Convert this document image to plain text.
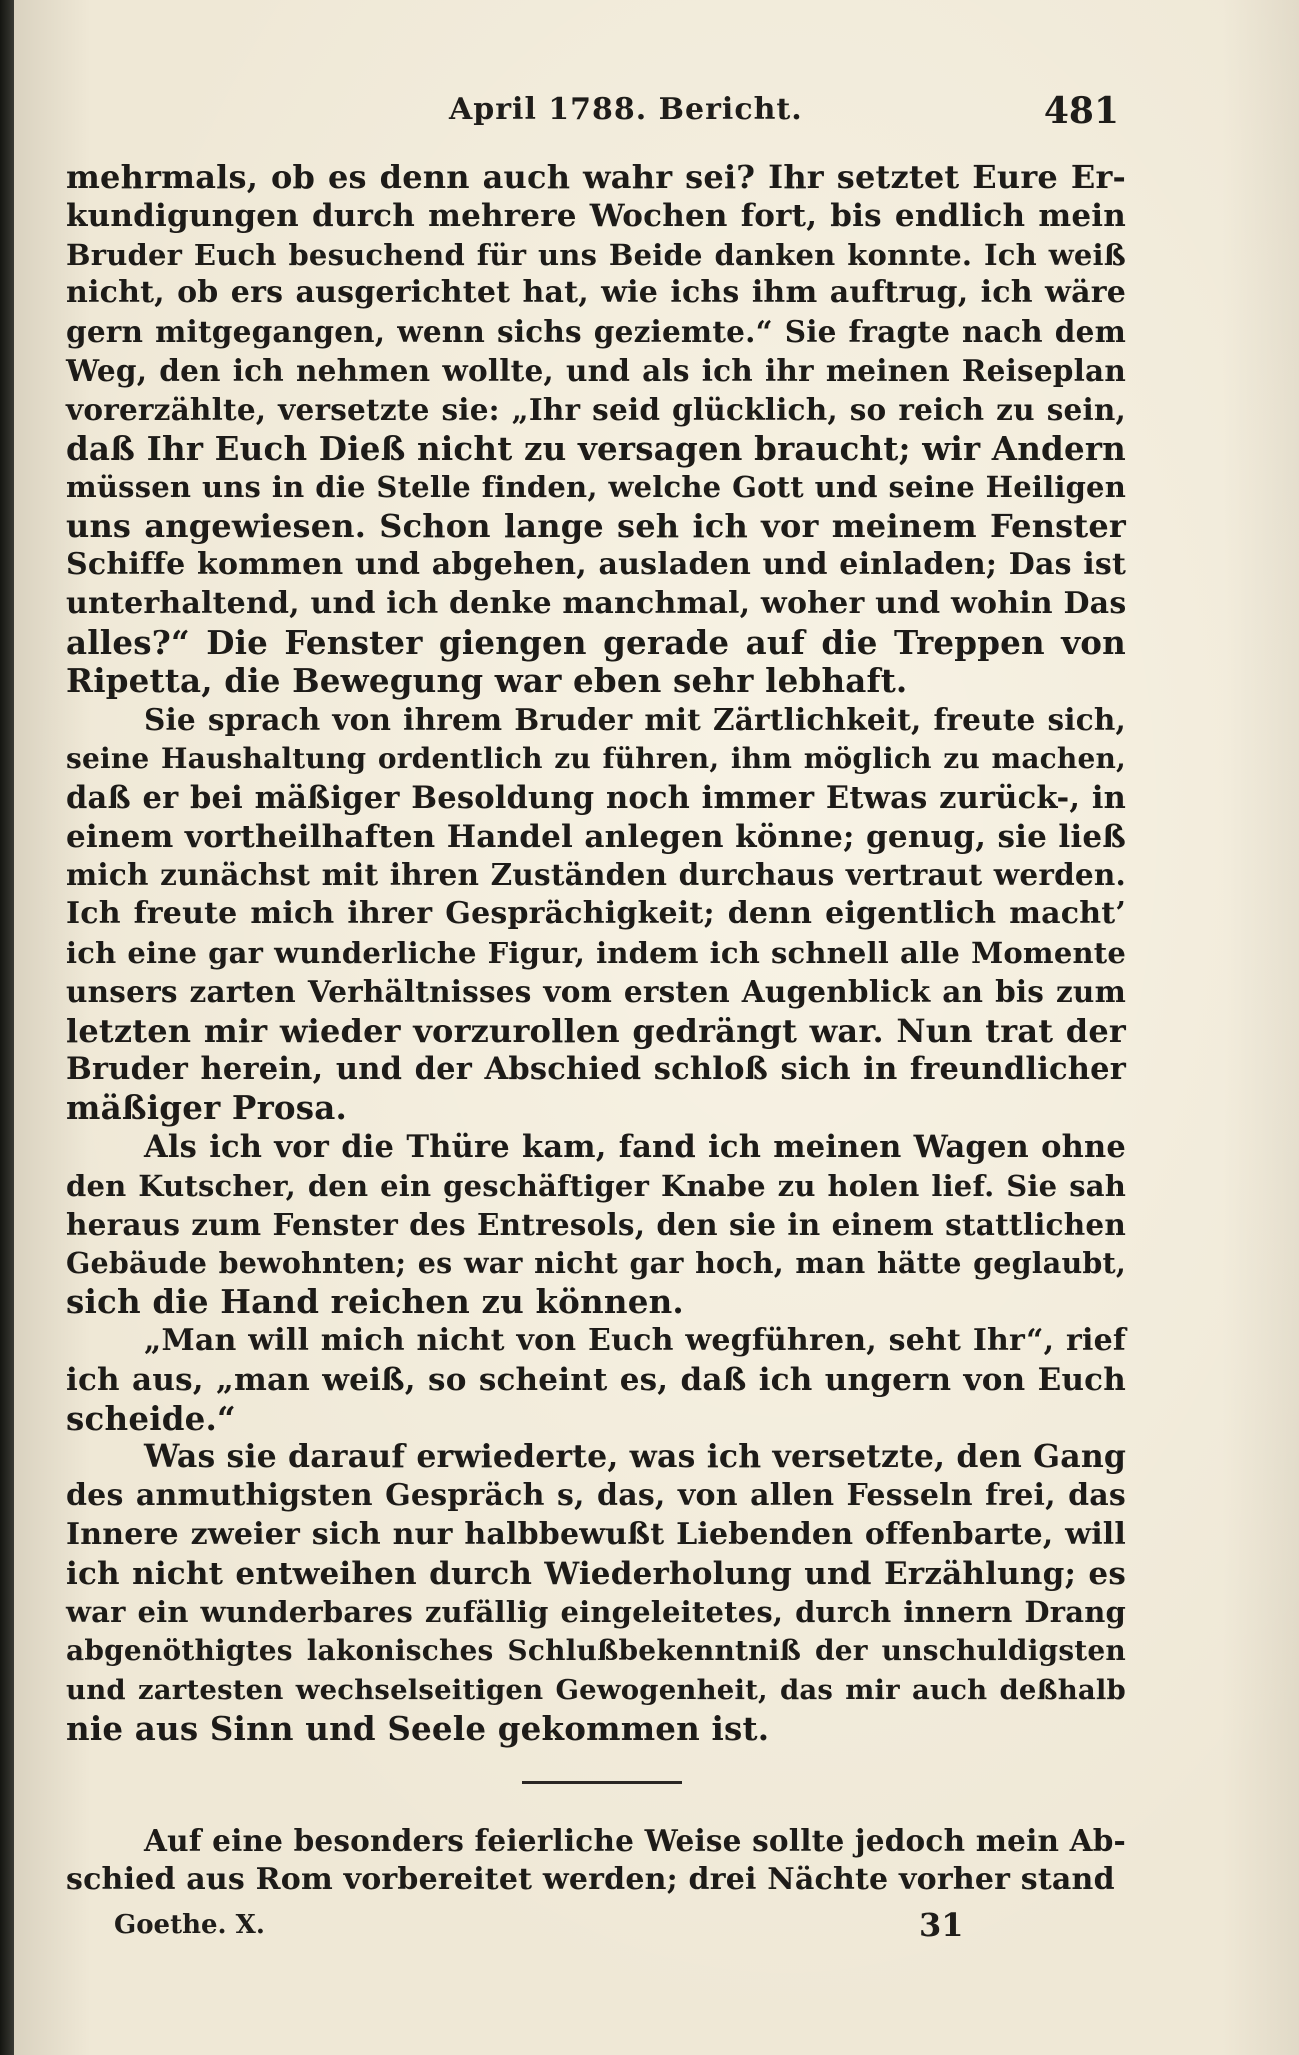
April 1788. Bericht.	481
mehrmals, ob es denn auch wahr sei? Ihr setztet Eure Er-
kundigungen durch mehrere Wochen fort, bis endlich mein
Bruder Euch besuchend für uns Beide danken konnte. Ich weiß
nicht, ob ers ausgerichtet hat, wie ichs ihm auftrug, ich wäre
gern mitgegangen, wenn sichs geziemte.“ Sie fragte nach dem
Weg, den ich nehmen wollte, und als ich ihr meinen Reiseplan
vorerzählte, versetzte sie: „Ihr seid glücklich, so reich zu sein,
daß Ihr Euch Dieß nicht zu versagen braucht; wir Andern
müssen uns in die Stelle finden, welche Gott und seine Heiligen
uns angewiesen. Schon lange seh ich vor meinem Fenster
Schiffe kommen und abgehen, ausladen und einladen; Das ist
unterhaltend, und ich denke manchmal, woher und wohin Das
alles?“ Die Fenster giengen gerade auf die Treppen von
Ripetta, die Bewegung war eben sehr lebhaft.
Sie sprach von ihrem Bruder mit Zärtlichkeit, freute sich,
seine Haushaltung ordentlich zu führen, ihm möglich zu machen,
daß er bei mäßiger Besoldung noch immer Etwas zurück-, in
einem vortheilhaften Handel anlegen könne; genug, sie ließ
mich zunächst mit ihren Zuständen durchaus vertraut werden.
Ich freute mich ihrer Gesprächigkeit; denn eigentlich macht’
ich eine gar wunderliche Figur, indem ich schnell alle Momente
unsers zarten Verhältnisses vom ersten Augenblick an bis zum
letzten mir wieder vorzurollen gedrängt war. Nun trat der
Bruder herein, und der Abschied schloß sich in freundlicher
mäßiger Prosa.
Als ich vor die Thüre kam, fand ich meinen Wagen ohne
den Kutscher, den ein geschäftiger Knabe zu holen lief. Sie sah
heraus zum Fenster des Entresols, den sie in einem stattlichen
Gebäude bewohnten; es war nicht gar hoch, man hätte geglaubt,
sich die Hand reichen zu können.
„Man will mich nicht von Euch wegführen, seht Ihr“, rief
ich aus, „man weiß, so scheint es, daß ich ungern von Euch
scheide.“
Was sie darauf erwiederte, was ich versetzte, den Gang
des anmuthigsten Gespräch s, das, von allen Fesseln frei, das
Innere zweier sich nur halbbewußt Liebenden offenbarte, will
ich nicht entweihen durch Wiederholung und Erzählung; es
war ein wunderbares zufällig eingeleitetes, durch innern Drang
abgenöthigtes lakonisches Schlußbekenntniß der unschuldigsten
und zartesten wechselseitigen Gewogenheit, das mir auch deßhalb
nie aus Sinn und Seele gekommen ist.
Auf eine besonders feierliche Weise sollte jedoch mein Ab-
schied aus Rom vorbereitet werden; drei Nächte vorher stand
Goethe. X.	31
